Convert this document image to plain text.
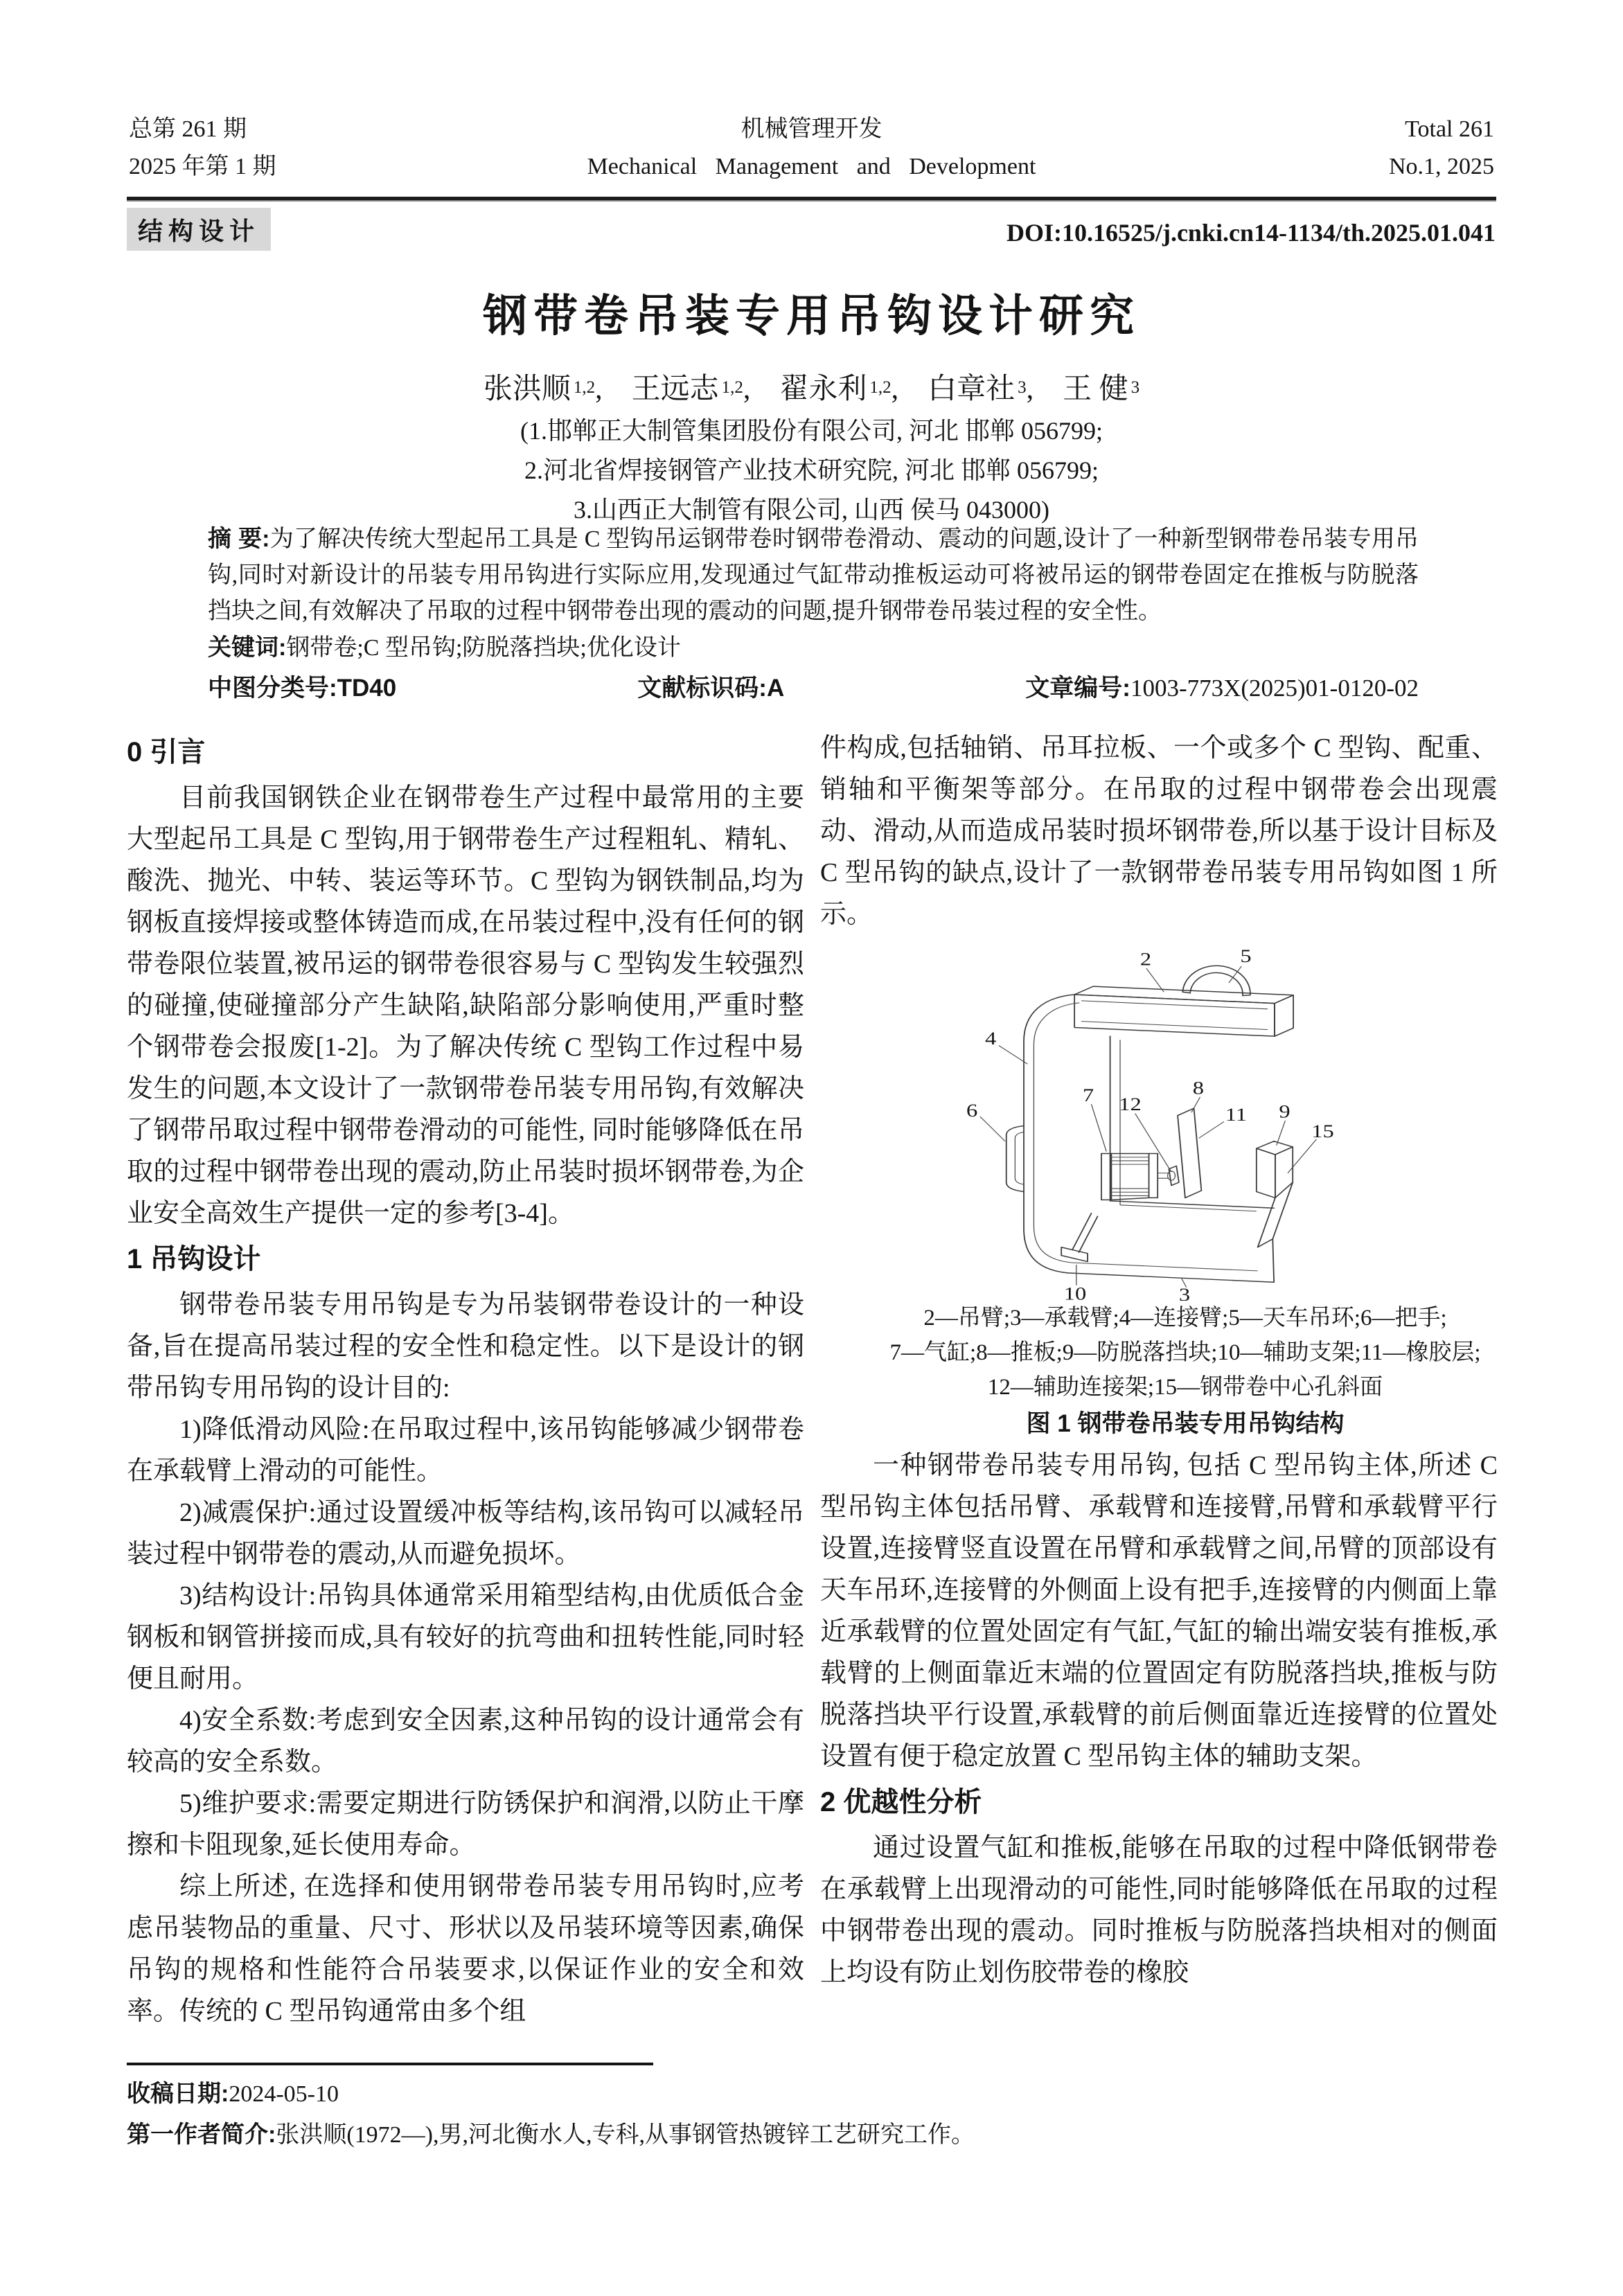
总第 261 期
2025 年第 1 期
机械管理开发
Mechanical Management and Development
Total 261
No.1, 2025
结构设计	DOI:10.16525/j.cnki.cn14-1134/th.2025.01.041
钢带卷吊装专用吊钩设计研究
张洪顺 $^{1,2}$,    王远志 $^{1,2}$,    翟永利 $^{1,2}$,    白章社 $^3$,    王 健 $^3$
(1.邯郸正大制管集团股份有限公司, 河北 邯郸 056799;
2.河北省焊接钢管产业技术研究院, 河北 邯郸 056799;
3.山西正大制管有限公司, 山西 侯马 043000)

摘 要:为了解决传统大型起吊工具是 C 型钩吊运钢带卷时钢带卷滑动、震动的问题,设计了一种新型钢带卷吊装专用吊钩,同时对新设计的吊装专用吊钩进行实际应用,发现通过气缸带动推板运动可将被吊运的钢带卷固定在推板与防脱落挡块之间,有效解决了吊取的过程中钢带卷出现的震动的问题,提升钢带卷吊装过程的安全性。

关键词:钢带卷;C 型吊钩;防脱落挡块;优化设计

中图分类号:TD40	文献标识码:A	文章编号:1003-773X(2025)01-0120-02
0 引言

目前我国钢铁企业在钢带卷生产过程中最常用的主要大型起吊工具是 C 型钩,用于钢带卷生产过程粗轧、精轧、酸洗、抛光、中转、装运等环节。C 型钩为钢铁制品,均为钢板直接焊接或整体铸造而成,在吊装过程中,没有任何的钢带卷限位装置,被吊运的钢带卷很容易与 C 型钩发生较强烈的碰撞,使碰撞部分产生缺陷,缺陷部分影响使用,严重时整个钢带卷会报废[1-2]。为了解决传统 C 型钩工作过程中易发生的问题,本文设计了一款钢带卷吊装专用吊钩,有效解决了钢带吊取过程中钢带卷滑动的可能性, 同时能够降低在吊取的过程中钢带卷出现的震动,防止吊装时损坏钢带卷,为企业安全高效生产提供一定的参考[3-4]。

1 吊钩设计

钢带卷吊装专用吊钩是专为吊装钢带卷设计的一种设备,旨在提高吊装过程的安全性和稳定性。以下是设计的钢带吊钩专用吊钩的设计目的:

1)降低滑动风险:在吊取过程中,该吊钩能够减少钢带卷在承载臂上滑动的可能性。

2)减震保护:通过设置缓冲板等结构,该吊钩可以减轻吊装过程中钢带卷的震动,从而避免损坏。

3)结构设计:吊钩具体通常采用箱型结构,由优质低合金钢板和钢管拼接而成,具有较好的抗弯曲和扭转性能,同时轻便且耐用。

4)安全系数:考虑到安全因素,这种吊钩的设计通常会有较高的安全系数。

5)维护要求:需要定期进行防锈保护和润滑,以防止干摩擦和卡阻现象,延长使用寿命。

综上所述, 在选择和使用钢带卷吊装专用吊钩时,应考虑吊装物品的重量、尺寸、形状以及吊装环境等因素,确保吊钩的规格和性能符合吊装要求,以保证作业的安全和效率。传统的 C 型吊钩通常由多个组

件构成,包括轴销、吊耳拉板、一个或多个 C 型钩、配重、销轴和平衡架等部分。在吊取的过程中钢带卷会出现震动、滑动,从而造成吊装时损坏钢带卷,所以基于设计目标及 C 型吊钩的缺点,设计了一款钢带卷吊装专用吊钩如图 1 所示。

2	5
4
6
7 12
8
11 9
15
10	3

2—吊臂;3—承载臂;4—连接臂;5—天车吊环;6—把手;

7—气缸;8—推板;9—防脱落挡块;10—辅助支架;11—橡胶层;

12—辅助连接架;15—钢带卷中心孔斜面

图 1 钢带卷吊装专用吊钩结构

一种钢带卷吊装专用吊钩, 包括 C 型吊钩主体,所述 C 型吊钩主体包括吊臂、承载臂和连接臂,吊臂和承载臂平行设置,连接臂竖直设置在吊臂和承载臂之间,吊臂的顶部设有天车吊环,连接臂的外侧面上设有把手,连接臂的内侧面上靠近承载臂的位置处固定有气缸,气缸的输出端安装有推板,承载臂的上侧面靠近末端的位置固定有防脱落挡块,推板与防脱落挡块平行设置,承载臂的前后侧面靠近连接臂的位置处设置有便于稳定放置 C 型吊钩主体的辅助支架。

2 优越性分析

通过设置气缸和推板,能够在吊取的过程中降低钢带卷在承载臂上出现滑动的可能性,同时能够降低在吊取的过程中钢带卷出现的震动。同时推板与防脱落挡块相对的侧面上均设有防止划伤胶带卷的橡胶

收稿日期:2024-05-10

第一作者简介:张洪顺(1972—),男,河北衡水人,专科,从事钢管热镀锌工艺研究工作。
